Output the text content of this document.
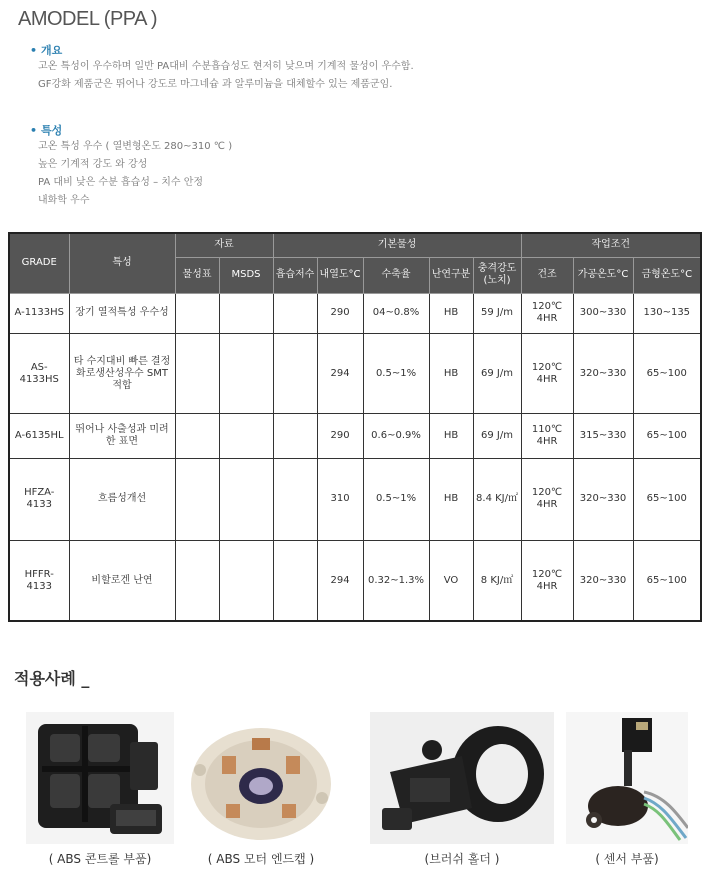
AMODEL (PPA )
• 개요
고온 특성이 우수하며 일반 PA대비 수분흡습성도 현저히 낮으며 기계적 물성이 우수함.
GF강화 제품군은 뛰어나 강도로 마그네슘 과 알루미늄을 대체할수 있는 제품군임.
• 특성
고온 특성 우수 ( 열변형온도 280~310 ℃ )
높은 기계적 강도 와 강성
PA 대비 낮은 수분 흡습성 – 치수 안정
내화학 우수
GRADE	특성	자료		기본물성					작업조건		
		물성표	MSDS	흡습저수	내열도°C	수축율	난연구분	충격강도(노치)	건조	가공온도°C	금형온도°C
A-1133HS	장기 열적특성 우수성				290	04~0.8%	HB	59 J/m	120℃ 4HR	300~330	130~135
AS-4133HS	타 수지대비 빠른 결정화로생산성우수 SMT 적합				294	0.5~1%	HB	69 J/m	120℃ 4HR	320~330	65~100
A-6135HL	뛰어나 사출성과 미려한 표면				290	0.6~0.9%	HB	69 J/m	110℃ 4HR	315~330	65~100
HFZA-4133	흐름성개선				310	0.5~1%	HB	8.4 KJ/㎡	120℃ 4HR	320~330	65~100
HFFR-4133	비할로겐 난연				294	0.32~1.3%	VO	8 KJ/㎡	120℃ 4HR	320~330	65~100
적용사례 _
( ABS 콘트롤 부품)	( ABS 모터 엔드캡 )	(브러쉬 홀더 )	( 센서 부품)
